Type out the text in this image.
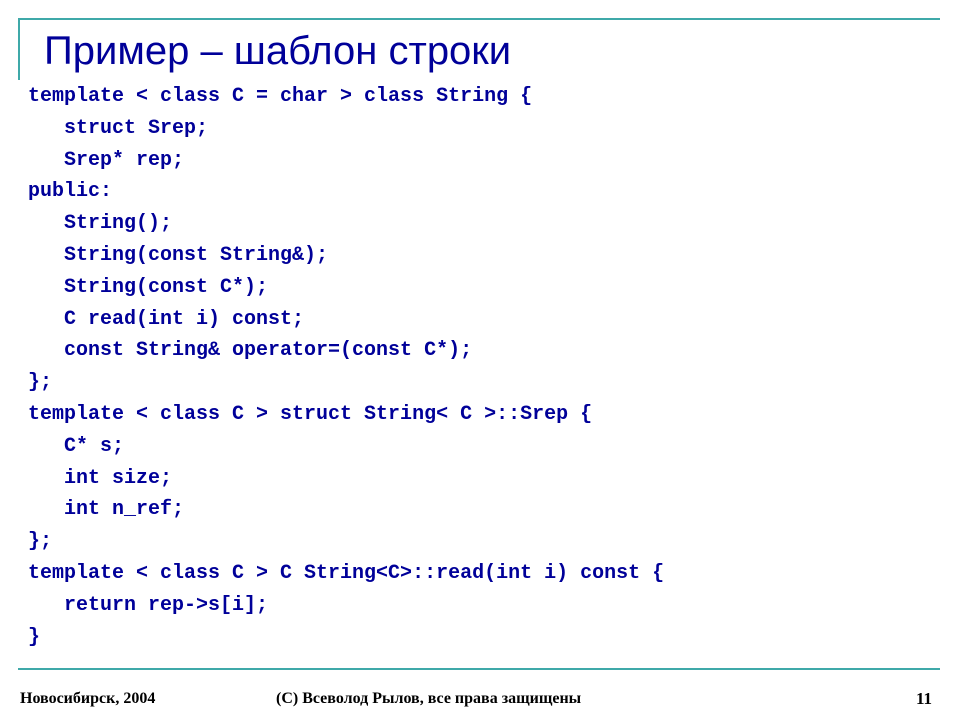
Пример – шаблон строки
template < class C = char > class String {
struct Srep;
Srep* rep;
public:
String();
String(const String&);
String(const C*);
C read(int i) const;
const String& operator=(const C*);
};
template < class C > struct String< C >::Srep {
C* s;
int size;
int n_ref;
};
template < class C > C String<C>::read(int i) const {
return rep->s[i];
}
Новосибирск, 2004	(С) Всеволод Рылов, все права защищены	11
